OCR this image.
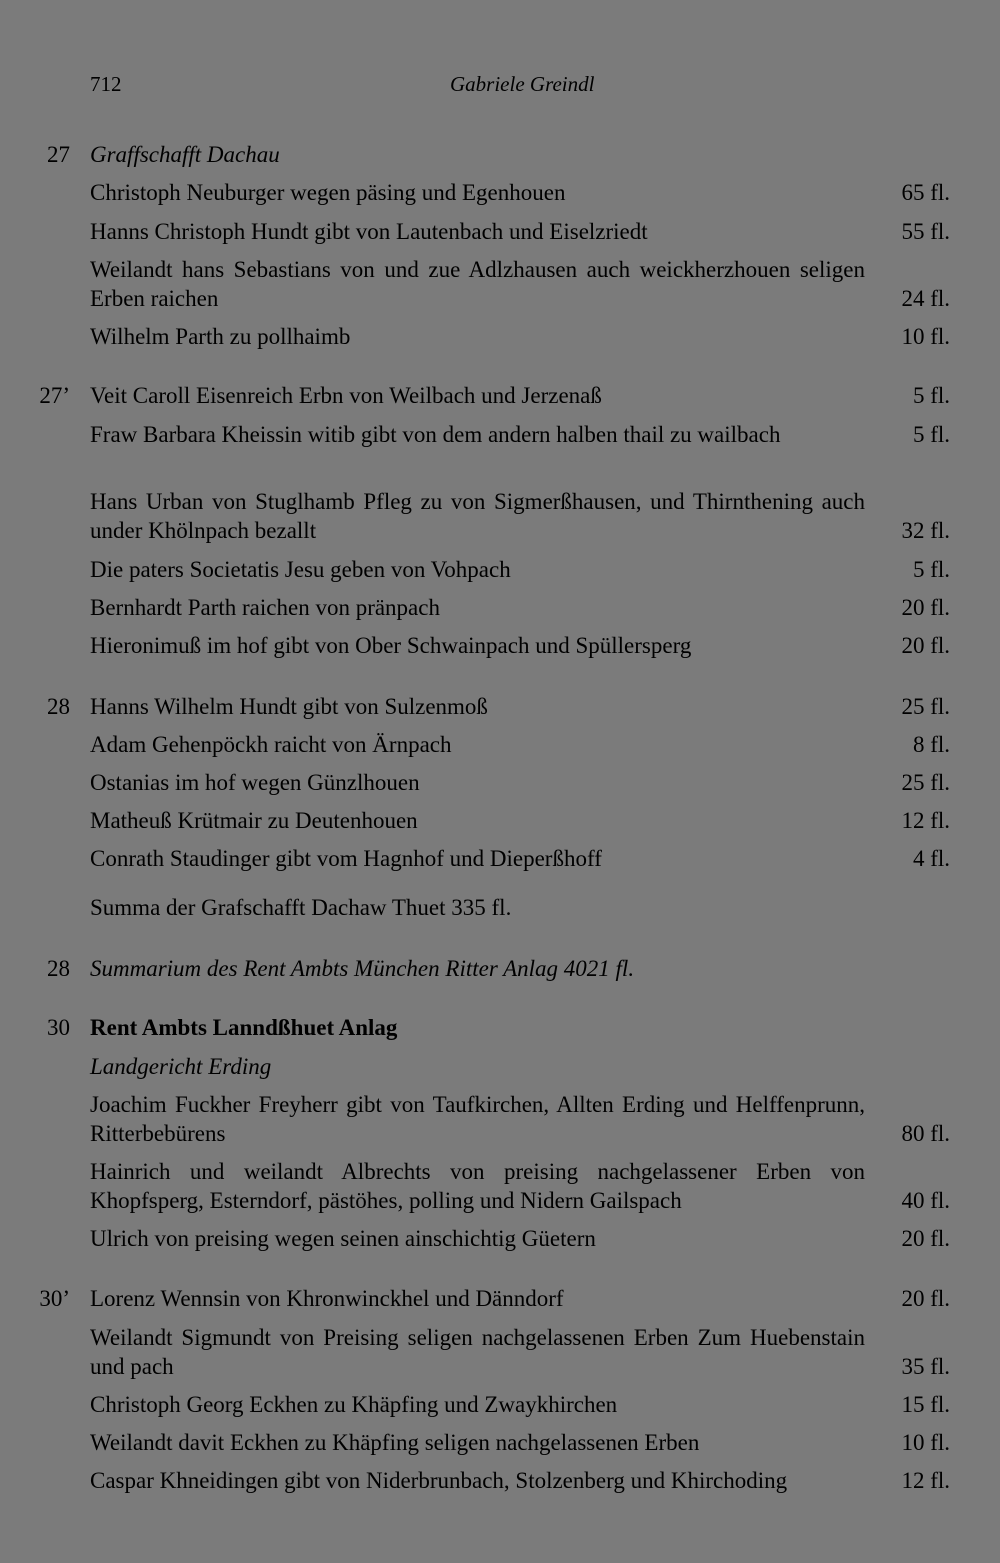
712	Gabriele Greindl
27 Graffschafft Dachau
Christoph Neuburger wegen päsing und Egenhouen	65 fl.
Hanns Christoph Hundt gibt von Lautenbach und Eiselzriedt	55 fl.
Weilandt hans Sebastians von und zue Adlzhausen auch weickherzhouen seligen Erben raichen	24 fl.
Wilhelm Parth zu pollhaimb	10 fl.
27’ Veit Caroll Eisenreich Erbn von Weilbach und Jerzenaß	5 fl.
Fraw Barbara Kheissin witib gibt von dem andern halben thail zu wailbach	5 fl.
Hans Urban von Stuglhamb Pfleg zu von Sigmerßhausen, und Thirnthening auch under Khölnpach bezallt	32 fl.
Die paters Societatis Jesu geben von Vohpach	5 fl.
Bernhardt Parth raichen von pränpach	20 fl.
Hieronimuß im hof gibt von Ober Schwainpach und Spüllersperg	20 fl.
28 Hanns Wilhelm Hundt gibt von Sulzenmoß	25 fl.
Adam Gehenpöckh raicht von Ärnpach	8 fl.
Ostanias im hof wegen Günzlhouen	25 fl.
Matheuß Krütmair zu Deutenhouen	12 fl.
Conrath Staudinger gibt vom Hagnhof und Dieperßhoff	4 fl.
Summa der Grafschafft Dachaw Thuet 335 fl.
28 Summarium des Rent Ambts München Ritter Anlag 4021 fl.
30 Rent Ambts Lanndßhuet Anlag
Landgericht Erding
Joachim Fuckher Freyherr gibt von Taufkirchen, Allten Erding und Helffenprunn, Ritterbebürens	80 fl.
Hainrich und weilandt Albrechts von preising nachgelassener Erben von Khopfsperg, Esterndorf, pästöhes, polling und Nidern Gailspach	40 fl.
Ulrich von preising wegen seinen ainschichtig Güetern	20 fl.
30’ Lorenz Wennsin von Khronwinckhel und Dänndorf	20 fl.
Weilandt Sigmundt von Preising seligen nachgelassenen Erben Zum Huebenstain und pach	35 fl.
Christoph Georg Eckhen zu Khäpfing und Zwaykhirchen	15 fl.
Weilandt davit Eckhen zu Khäpfing seligen nachgelassenen Erben	10 fl.
Caspar Khneidingen gibt von Niderbrunbach, Stolzenberg und Khirchoding	12 fl.
